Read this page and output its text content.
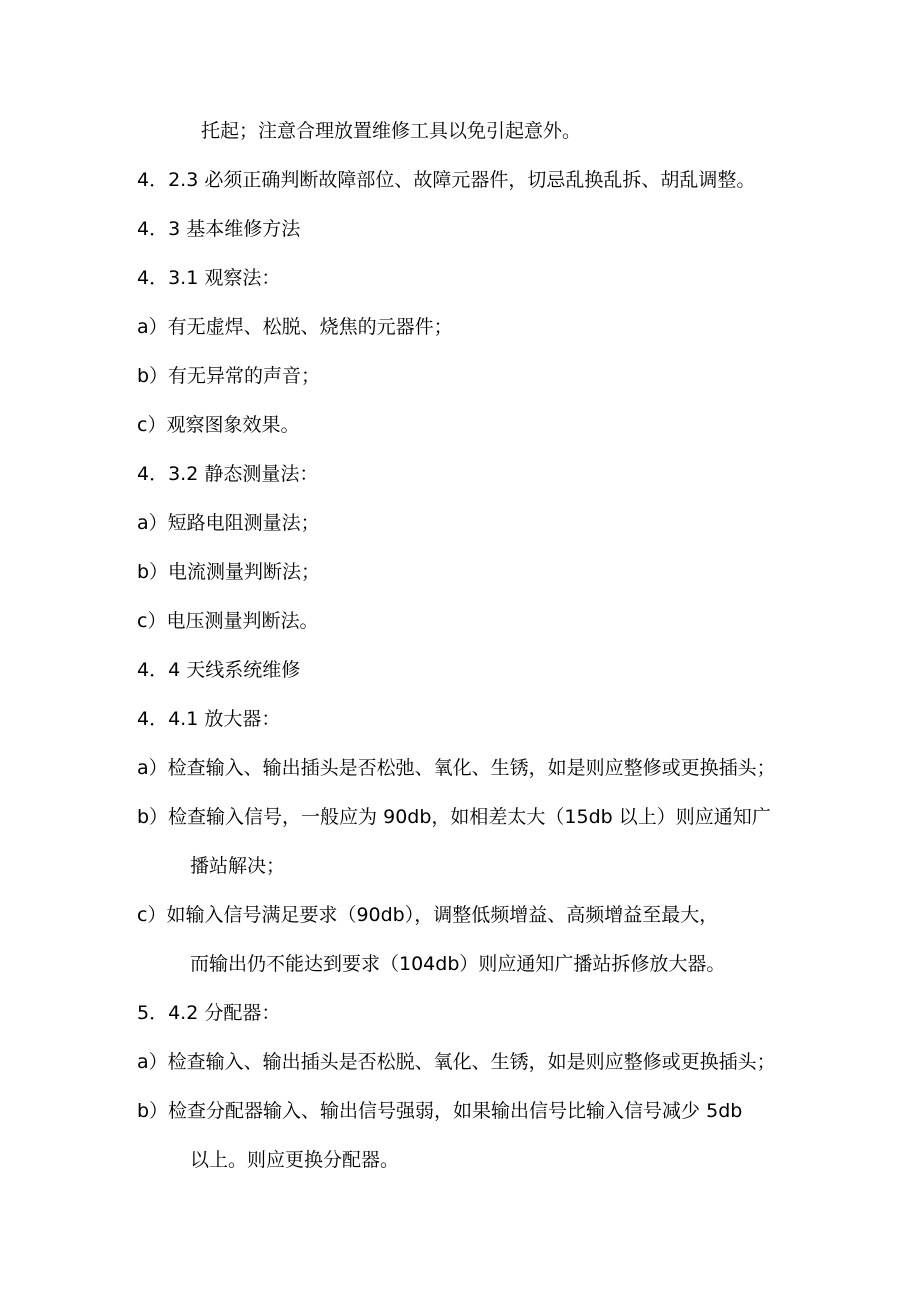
托起；注意合理放置维修工具以免引起意外。
4．2.3 必须正确判断故障部位、故障元器件，切忌乱换乱拆、胡乱调整。
4．3 基本维修方法
4．3.1 观察法：
a）有无虚焊、松脱、烧焦的元器件；
b）有无异常的声音；
c）观察图象效果。
4．3.2 静态测量法：
a）短路电阻测量法；
b）电流测量判断法；
c）电压测量判断法。
4．4 天线系统维修
4．4.1 放大器：
a）检查输入、输出插头是否松弛、氧化、生锈，如是则应整修或更换插头；
b）检查输入信号，一般应为 90db，如相差太大（15db 以上）则应通知广
播站解决；
c）如输入信号满足要求（90db），调整低频增益、高频增益至最大，
而输出仍不能达到要求（104db）则应通知广播站拆修放大器。
5．4.2 分配器：
a）检查输入、输出插头是否松脱、氧化、生锈，如是则应整修或更换插头；
b）检查分配器输入、输出信号强弱，如果输出信号比输入信号减少 5db
以上。则应更换分配器。
